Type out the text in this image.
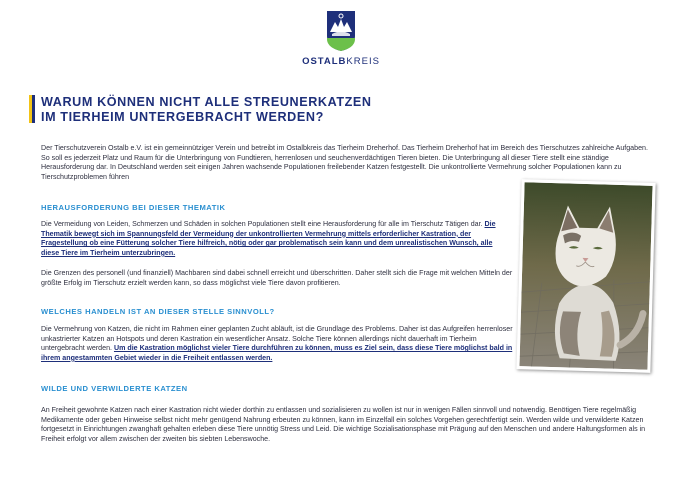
OSTALBKREIS
WARUM KÖNNEN NICHT ALLE STREUNERKATZEN
IM TIERHEIM UNTERGEBRACHT WERDEN?

Der Tierschutzverein Ostalb e.V. ist ein gemeinnütziger Verein und betreibt im Ostalbkreis das Tierheim Dreherhof. Das Tierheim Dreherhof hat im Bereich des Tierschutzes zahlreiche Aufgaben. So soll es jederzeit Platz und Raum für die Unterbringung von Fundtieren, herrenlosen und seuchenverdächtigen Tieren bieten. Die Unterbringung all dieser Tiere stellt eine ständige Herausforderung dar. In Deutschland werden seit einigen Jahren wachsende Populationen freilebender Katzen festgestellt. Die unkontrollierte Vermehrung solcher Populationen kann zu Tierschutzproblemen führen

HERAUSFORDERUNG BEI DIESER THEMATIK

Die Vermeidung von Leiden, Schmerzen und Schäden in solchen Populationen stellt eine Herausforderung für alle im Tierschutz Tätigen dar. Die Thematik bewegt sich im Spannungsfeld der Vermeidung der unkontrollierten Vermehrung mittels erforderlicher Kastration, der Fragestellung ob eine Fütterung solcher Tiere hilfreich, nötig oder gar problematisch sein kann und dem unrealistischen Wunsch, alle diese Tiere im Tierheim unterzubringen.

Die Grenzen des personell (und finanziell) Machbaren sind dabei schnell erreicht und überschritten. Daher stellt sich die Frage mit welchen Mitteln der größte Erfolg im Tierschutz erzielt werden kann, so dass möglichst viele Tiere davon profitieren.

WELCHES HANDELN IST AN DIESER STELLE SINNVOLL?

Die Vermehrung von Katzen, die nicht im Rahmen einer geplanten Zucht abläuft, ist die Grundlage des Problems. Daher ist das Aufgreifen herrenloser unkastrierter Katzen an Hotspots und deren Kastration ein wesentlicher Ansatz. Solche Tiere können allerdings nicht dauerhaft im Tierheim untergebracht werden. Um die Kastration möglichst vieler Tiere durchführen zu können, muss es Ziel sein, dass diese Tiere möglichst bald in ihrem angestammten Gebiet wieder in die Freiheit entlassen werden.

WILDE UND VERWILDERTE KATZEN

An Freiheit gewohnte Katzen nach einer Kastration nicht wieder dorthin zu entlassen und sozialisieren zu wollen ist nur in wenigen Fällen sinnvoll und notwendig. Benötigen Tiere regelmäßig Medikamente oder geben Hinweise selbst nicht mehr genügend Nahrung erbeuten zu können, kann im Einzelfall ein solches Vorgehen gerechtfertigt sein. Werden wilde und verwilderte Katzen fortgesetzt in Einrichtungen zwanghaft gehalten erleben diese Tiere unnötig Stress und Leid. Die wichtige Sozialisationsphase mit Prägung auf den Menschen und andere Haltungsformen als in Freiheit erfolgt vor allem zwischen der zweiten bis siebten Lebenswoche.
